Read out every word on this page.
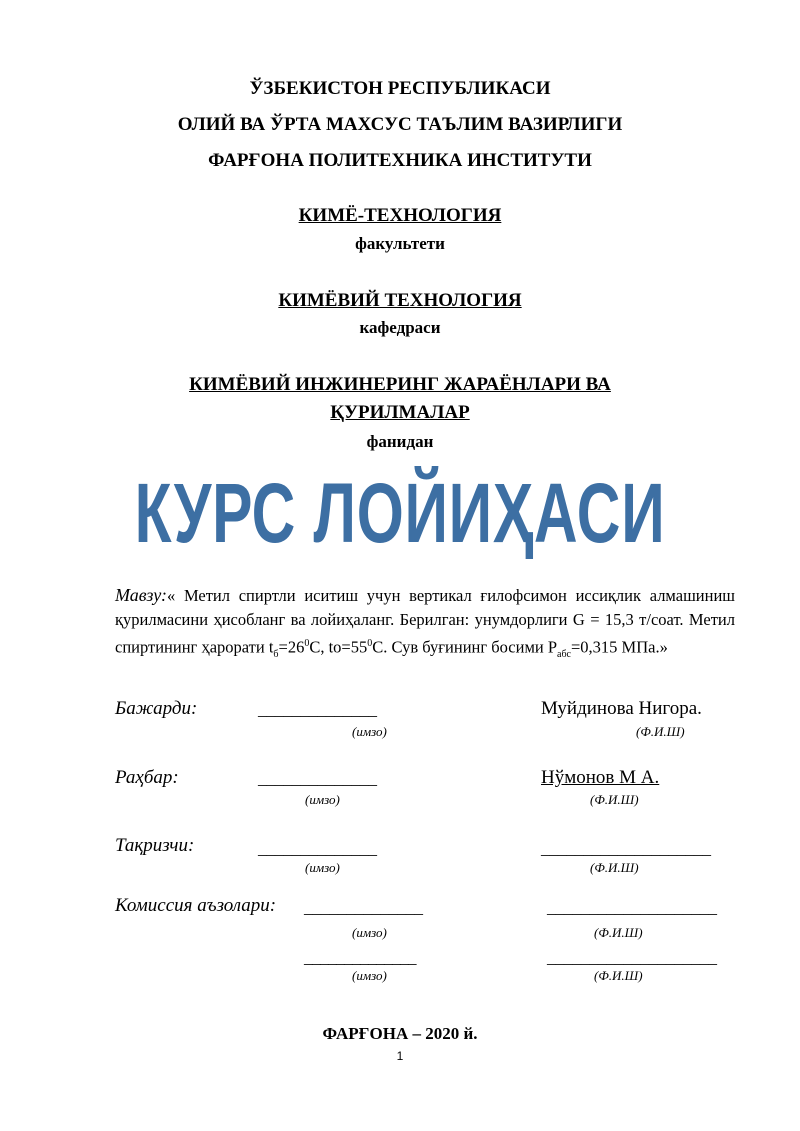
ЎЗБЕКИСТОН РЕСПУБЛИКАСИ
ОЛИЙ ВА ЎРТА МАХСУС ТАЪЛИМ ВАЗИРЛИГИ
ФАРҒОНА ПОЛИТЕХНИКА ИНСТИТУТИ
КИМЁ-ТЕХНОЛОГИЯ
факультети
КИМЁВИЙ ТЕХНОЛОГИЯ
кафедраси
КИМЁВИЙ ИНЖИНЕРИНГ ЖАРАЁНЛАРИ ВА
ҚУРИЛМАЛАР
фанидан
КУРС ЛОЙИҲАСИ
Мавзу:« Метил спиртли иситиш учун вертикал ғилофсимон иссиқлик алмашиниш қурилмасини ҳисобланг ва лойиҳаланг. Берилган: унумдорлиги G = 15,3 т/соат. Метил спиртининг ҳарорати $t_б=26^0С$, $to=55^0С$. Сув буғининг босими $Р_{абс}=0,315$ МПа.»
Бажарди:	______________	Муйдинова Нигора.
(имзо)	(Ф.И.Ш)
Раҳбар:	______________	Нўмонов М А.
(имзо)	(Ф.И.Ш)
Тақризчи:	______________	____________________
(имзо)	(Ф.И.Ш)
Комиссия аъзолари: ______________	____________________
(имзо)	(Ф.И.Ш)
______________	____________________
(имзо)	(Ф.И.Ш)
ФАРҒОНА – 2020 й.
1
